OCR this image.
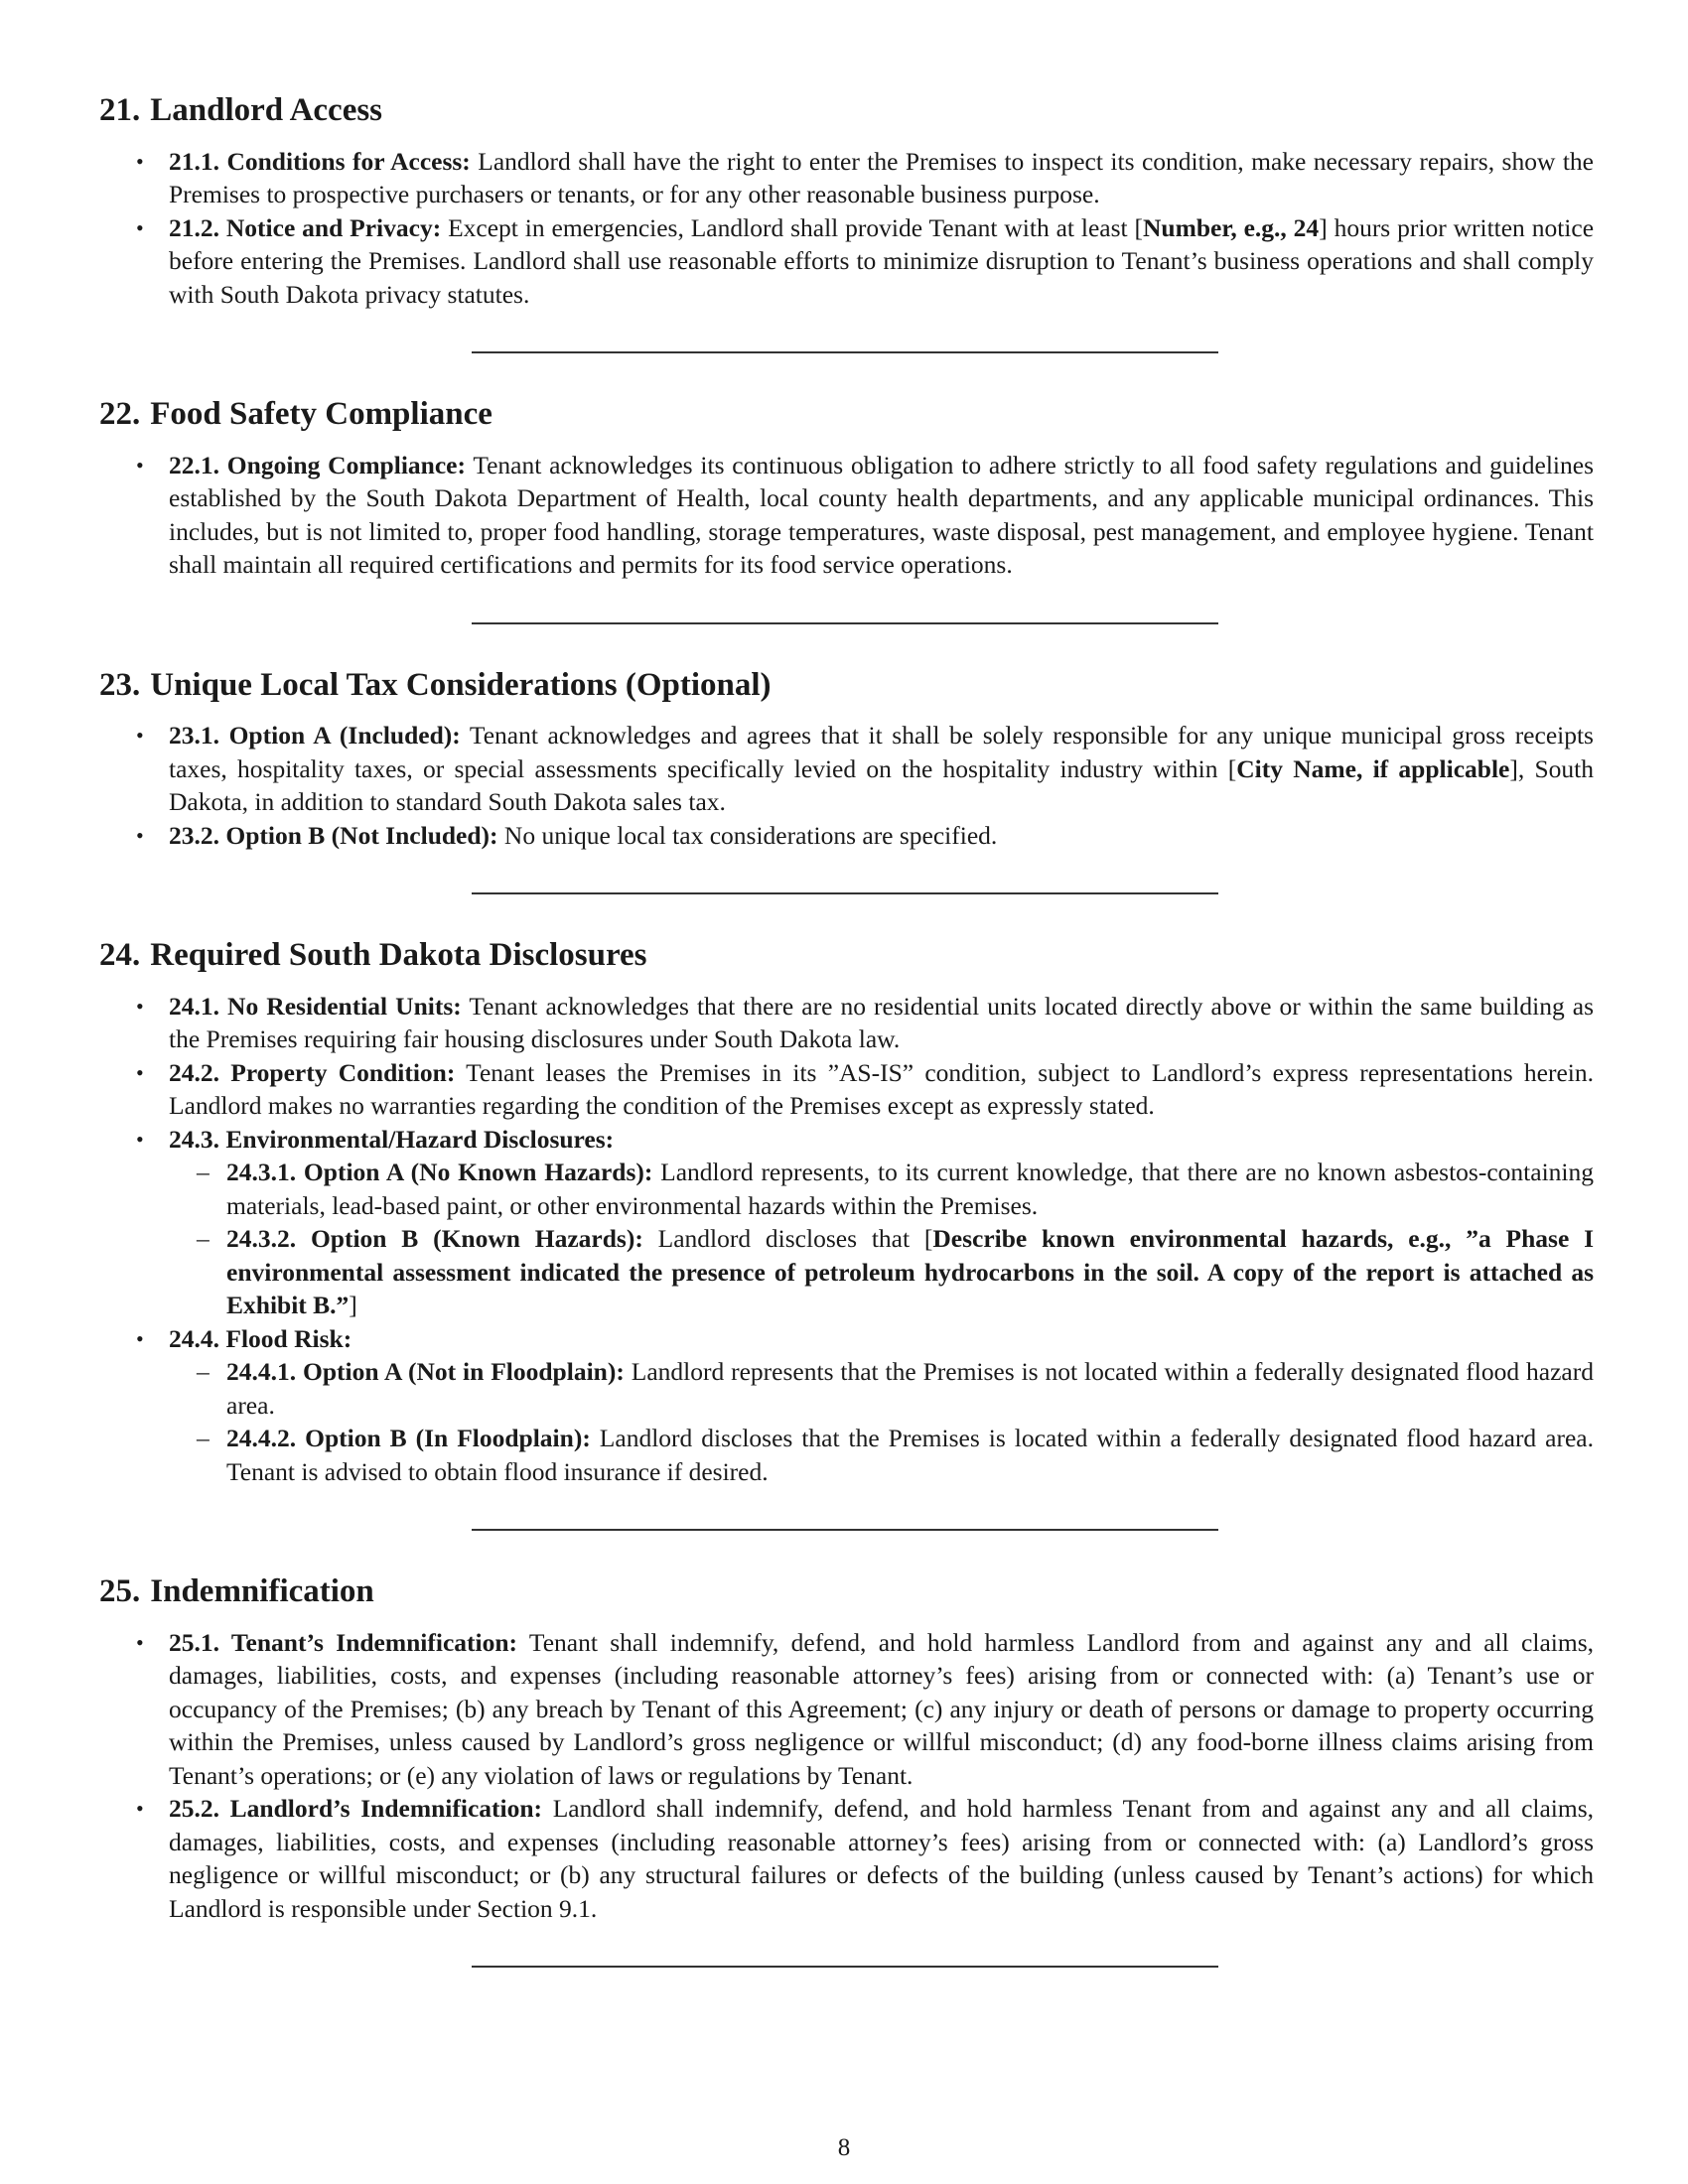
21. Landlord Access
• 21.1. Conditions for Access: Landlord shall have the right to enter the Premises to inspect its condition, make necessary repairs, show the Premises to prospective purchasers or tenants, or for any other reasonable business purpose.
• 21.2. Notice and Privacy: Except in emergencies, Landlord shall provide Tenant with at least [Number, e.g., 24] hours prior written notice before entering the Premises. Landlord shall use reasonable efforts to minimize disruption to Tenant’s business operations and shall comply with South Dakota privacy statutes.
22. Food Safety Compliance
• 22.1. Ongoing Compliance: Tenant acknowledges its continuous obligation to adhere strictly to all food safety regulations and guidelines established by the South Dakota Department of Health, local county health departments, and any applicable municipal ordinances. This includes, but is not limited to, proper food handling, storage temperatures, waste disposal, pest management, and employee hygiene. Tenant shall maintain all required certifications and permits for its food service operations.
23. Unique Local Tax Considerations (Optional)
• 23.1. Option A (Included): Tenant acknowledges and agrees that it shall be solely responsible for any unique municipal gross receipts taxes, hospitality taxes, or special assessments specifically levied on the hospitality industry within [City Name, if applicable], South Dakota, in addition to standard South Dakota sales tax.
• 23.2. Option B (Not Included): No unique local tax considerations are specified.
24. Required South Dakota Disclosures
• 24.1. No Residential Units: Tenant acknowledges that there are no residential units located directly above or within the same building as the Premises requiring fair housing disclosures under South Dakota law.
• 24.2. Property Condition: Tenant leases the Premises in its ”AS-IS” condition, subject to Landlord’s express representations herein. Landlord makes no warranties regarding the condition of the Premises except as expressly stated.
• 24.3. Environmental/Hazard Disclosures:
– 24.3.1. Option A (No Known Hazards): Landlord represents, to its current knowledge, that there are no known asbestos-containing materials, lead-based paint, or other environmental hazards within the Premises.
– 24.3.2. Option B (Known Hazards): Landlord discloses that [Describe known environmental hazards, e.g., ”a Phase I environmental assessment indicated the presence of petroleum hydrocarbons in the soil. A copy of the report is attached as Exhibit B.”]
• 24.4. Flood Risk:
– 24.4.1. Option A (Not in Floodplain): Landlord represents that the Premises is not located within a federally designated flood hazard area.
– 24.4.2. Option B (In Floodplain): Landlord discloses that the Premises is located within a federally designated flood hazard area. Tenant is advised to obtain flood insurance if desired.
25. Indemnification
• 25.1. Tenant’s Indemnification: Tenant shall indemnify, defend, and hold harmless Landlord from and against any and all claims, damages, liabilities, costs, and expenses (including reasonable attorney’s fees) arising from or connected with: (a) Tenant’s use or occupancy of the Premises; (b) any breach by Tenant of this Agreement; (c) any injury or death of persons or damage to property occurring within the Premises, unless caused by Landlord’s gross negligence or willful misconduct; (d) any food-borne illness claims arising from Tenant’s operations; or (e) any violation of laws or regulations by Tenant.
• 25.2. Landlord’s Indemnification: Landlord shall indemnify, defend, and hold harmless Tenant from and against any and all claims, damages, liabilities, costs, and expenses (including reasonable attorney’s fees) arising from or connected with: (a) Landlord’s gross negligence or willful misconduct; or (b) any structural failures or defects of the building (unless caused by Tenant’s actions) for which Landlord is responsible under Section 9.1.
8
